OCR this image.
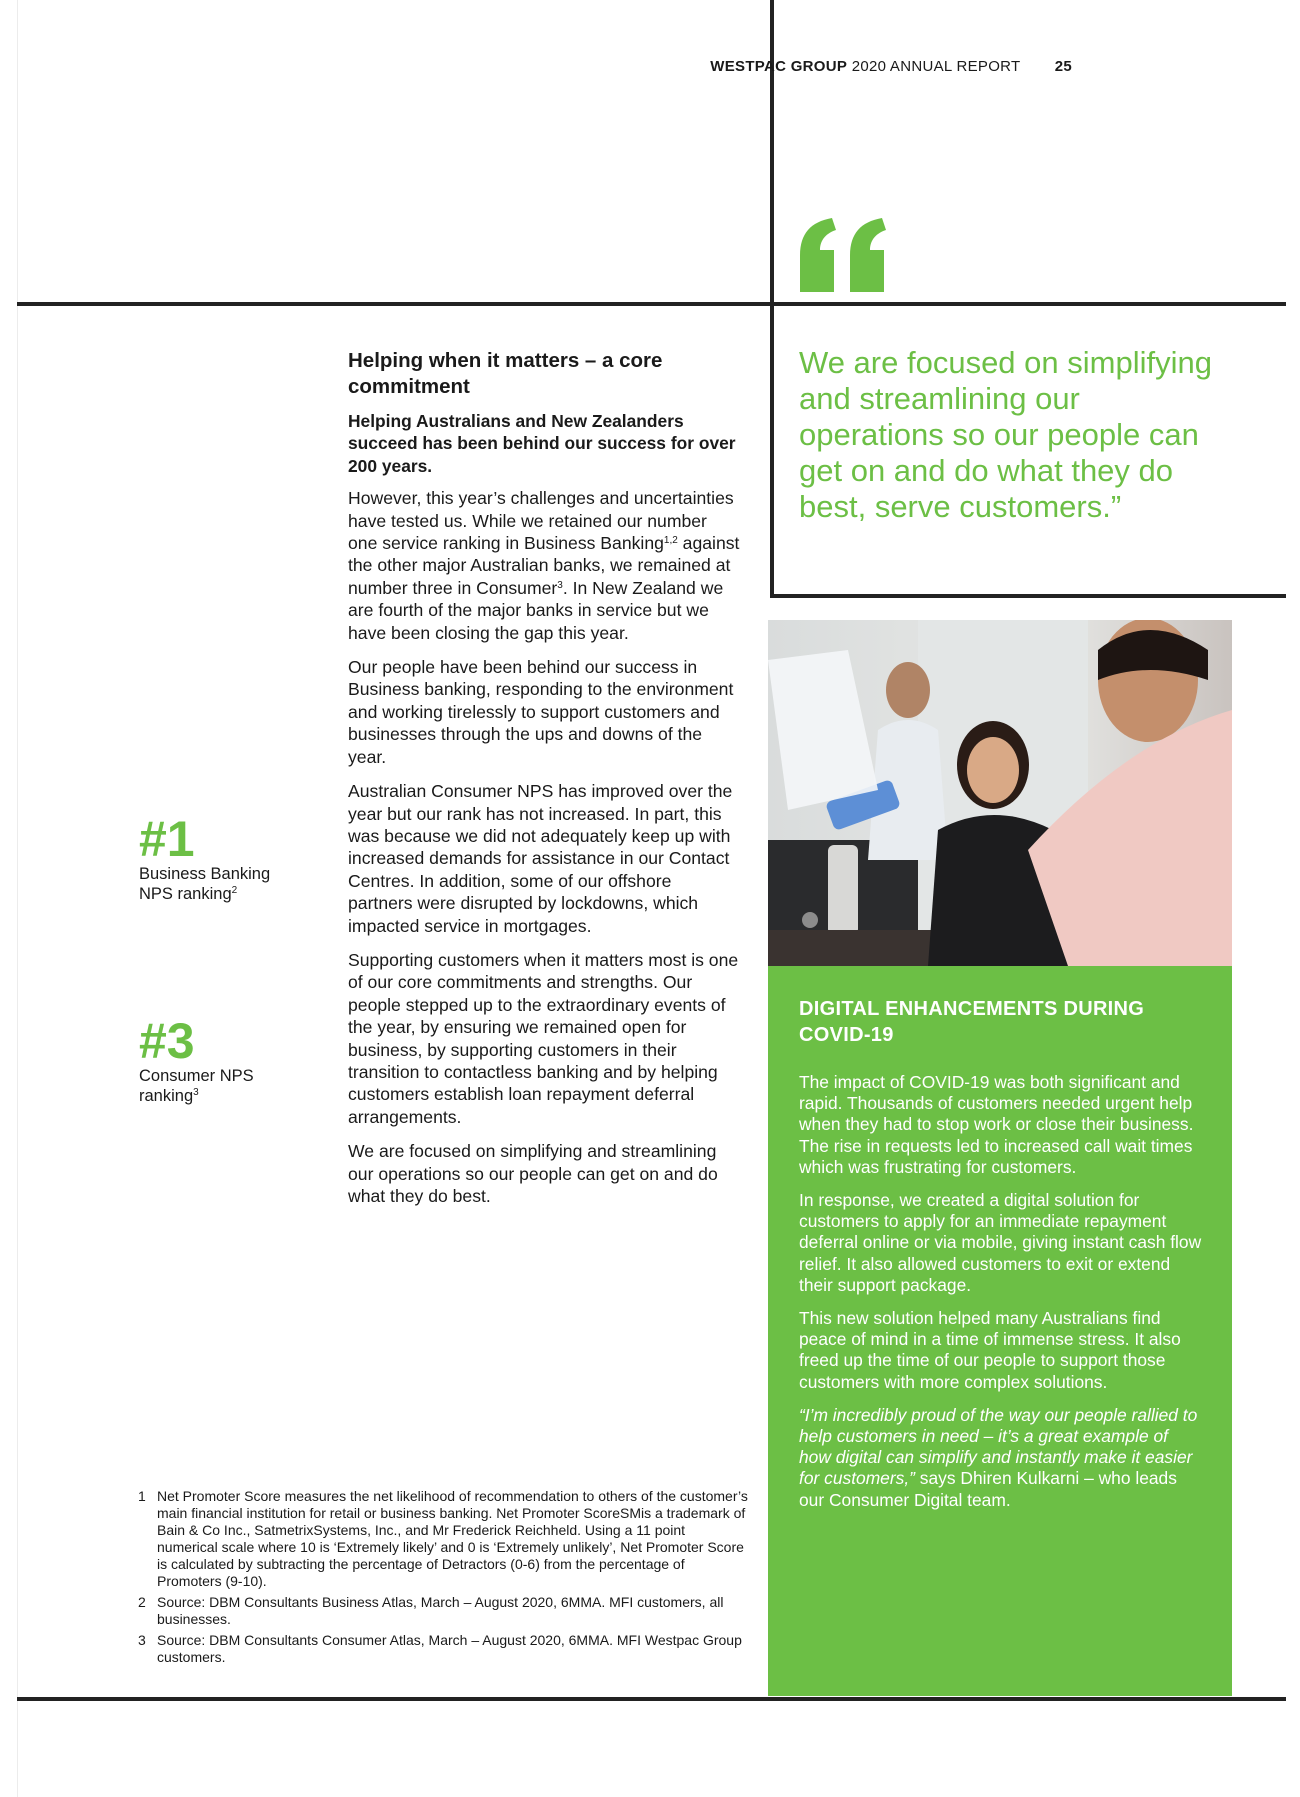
WESTPAC GROUP 2020 ANNUAL REPORT 25
We are focused on simplifying and streamlining our operations so our people can get on and do what they do best, serve customers.”
Helping when it matters – a core commitment

Helping Australians and New Zealanders succeed has been behind our success for over 200 years.

However, this year’s challenges and uncertainties have tested us. While we retained our number one service ranking in Business Banking$^{1,2}$ against the other major Australian banks, we remained at number three in Consumer$^3$. In New Zealand we are fourth of the major banks in service but we have been closing the gap this year.

Our people have been behind our success in Business banking, responding to the environment and working tirelessly to support customers and businesses through the ups and downs of the year.

Australian Consumer NPS has improved over the year but our rank has not increased. In part, this was because we did not adequately keep up with increased demands for assistance in our Contact Centres. In addition, some of our offshore partners were disrupted by lockdowns, which impacted service in mortgages.

Supporting customers when it matters most is one of our core commitments and strengths. Our people stepped up to the extraordinary events of the year, by ensuring we remained open for business, by supporting customers in their transition to contactless banking and by helping customers establish loan repayment deferral arrangements.

We are focused on simplifying and streamlining our operations so our people can get on and do what they do best.

#1
Business Banking
NPS ranking$^2$
#3
Consumer NPS
ranking$^3$
1 Net Promoter Score measures the net likelihood of recommendation to others of the customer’s main financial institution for retail or business banking. Net Promoter ScoreSMis a trademark of Bain & Co Inc., SatmetrixSystems, Inc., and Mr Frederick Reichheld. Using a 11 point numerical scale where 10 is ‘Extremely likely’ and 0 is ‘Extremely unlikely’, Net Promoter Score is calculated by subtracting the percentage of Detractors (0-6) from the percentage of Promoters (9-10).
2 Source: DBM Consultants Business Atlas, March – August 2020, 6MMA. MFI customers, all businesses.
3 Source: DBM Consultants Consumer Atlas, March – August 2020, 6MMA. MFI Westpac Group customers.
DIGITAL ENHANCEMENTS DURING COVID-19

The impact of COVID-19 was both significant and rapid. Thousands of customers needed urgent help when they had to stop work or close their business. The rise in requests led to increased call wait times which was frustrating for customers.

In response, we created a digital solution for customers to apply for an immediate repayment deferral online or via mobile, giving instant cash flow relief. It also allowed customers to exit or extend their support package.

This new solution helped many Australians find peace of mind in a time of immense stress. It also freed up the time of our people to support those customers with more complex solutions.

“I’m incredibly proud of the way our people rallied to help customers in need – it’s a great example of how digital can simplify and instantly make it easier for customers,” says Dhiren Kulkarni – who leads our Consumer Digital team.
